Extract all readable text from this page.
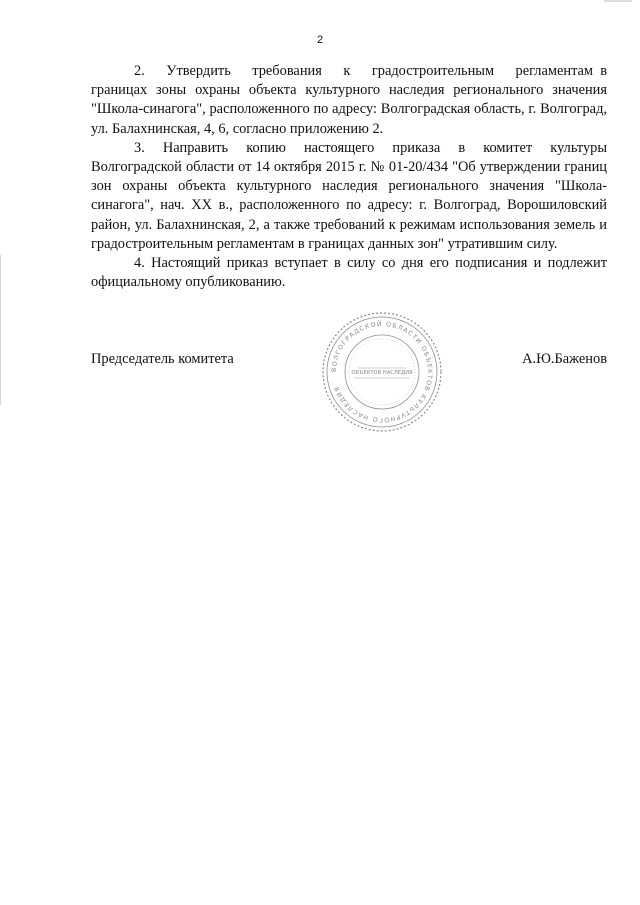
2

2.   Утвердить   требования   к   градостроительным   регламентам в границах зоны охраны объекта культурного наследия регионального значения "Школа-синагога", расположенного по адресу: Волгоградская область, г. Волгоград, ул. Балахнинская, 4, 6, согласно приложению 2.

3.   Направить   копию   настоящего   приказа   в   комитет   культуры Волгоградской области от 14 октября 2015 г. № 01-20/434 "Об утверждении границ зон охраны объекта культурного наследия регионального значения "Школа-синагога", нач. XX в., расположенного по адресу: г. Волгоград, Ворошиловский район, ул. Балахнинская, 2, а также требований к режимам использования земель и градостроительным регламентам в границах данных зон" утратившим силу.

4. Настоящий приказ вступает в силу со дня его подписания и подлежит официальному опубликованию.

Председатель комитета	А.Ю.Баженов
ВОЛГОГРАДСКОЙ ОБЛАСТИ ОБЪЕКТОВ КУЛЬТУРНОГО НАСЛЕДИЯ
ОБЪЕКТОВ НАСЛЕДИЯ
